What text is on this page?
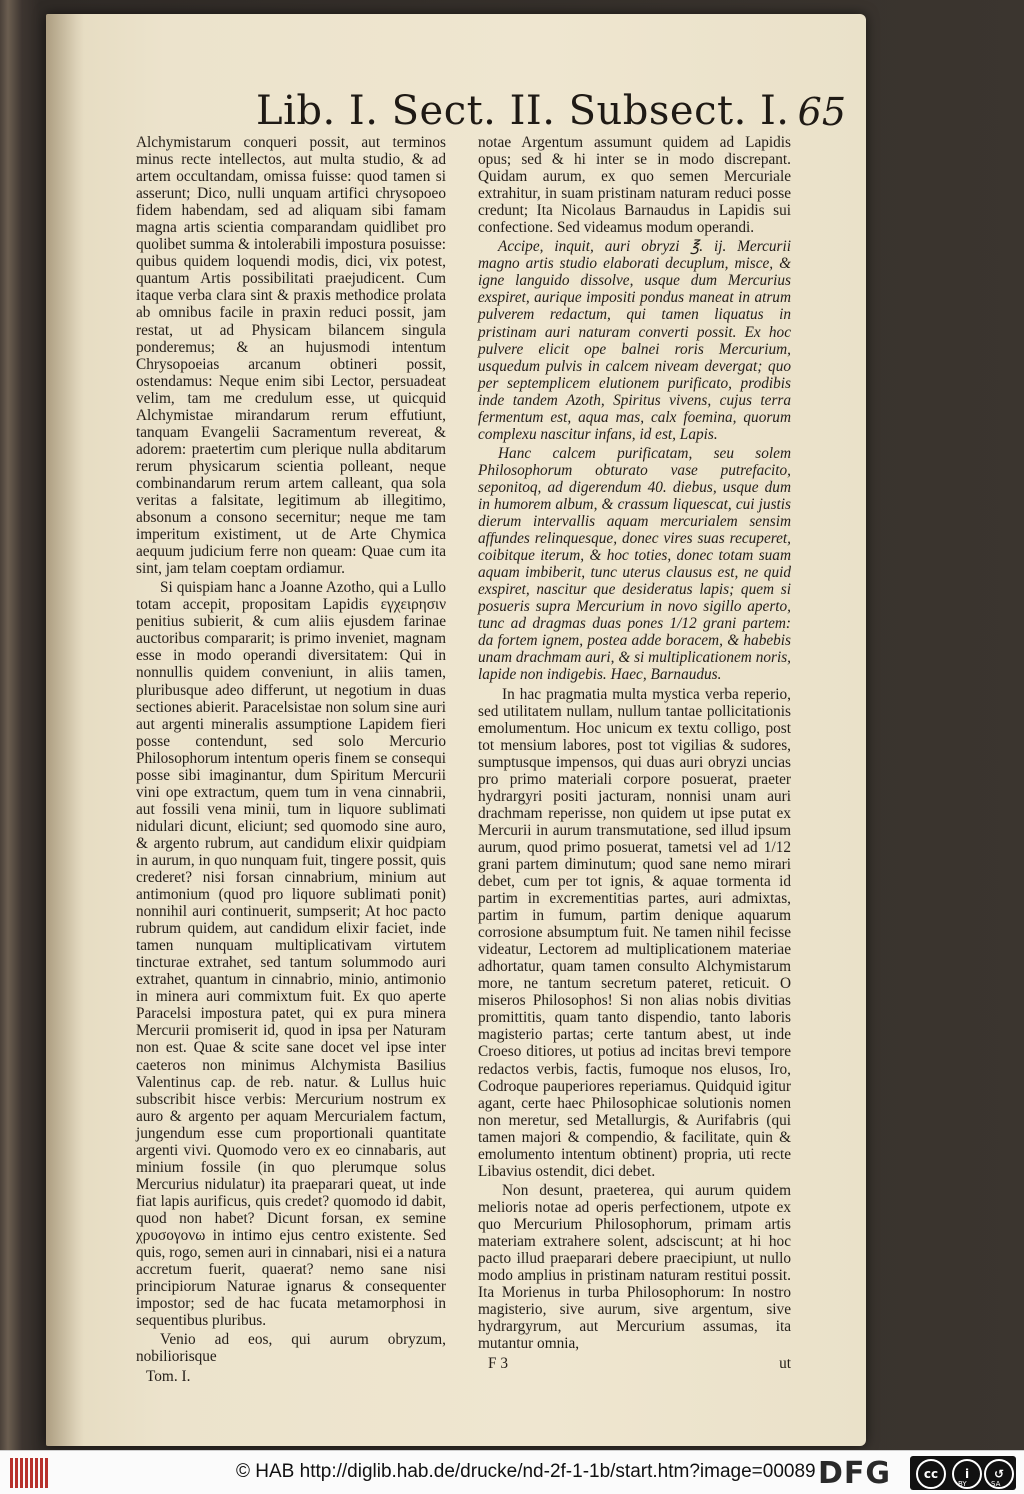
Lib. I. Sect. II. Subsect. I. 65

Alchymistarum conqueri possit, aut terminos minus recte intellectos, aut multa studio, & ad artem occultandam, omissa fuisse: quod tamen si asserunt; Dico, nulli unquam artifici chrysopoeo fidem habendam, sed ad aliquam sibi famam magna artis scientia comparandam quidlibet pro quolibet summa & intolerabili impostura posuisse: quibus quidem loquendi modis, dici, vix potest, quantum Artis possibilitati praejudicent. Cum itaque verba clara sint & praxis methodice prolata ab omnibus facile in praxin reduci possit, jam restat, ut ad Physicam bilancem singula ponderemus; & an hujusmodi intentum Chrysopoeias arcanum obtineri possit, ostendamus: Neque enim sibi Lector, persuadeat velim, tam me credulum esse, ut quicquid Alchymistae mirandarum rerum effutiunt, tanquam Evangelii Sacramentum revereat, & adorem: praetertim cum plerique nulla abditarum rerum physicarum scientia polleant, neque combinandarum rerum artem calleant, qua sola veritas a falsitate, legitimum ab illegitimo, absonum a consono secernitur; neque me tam imperitum existiment, ut de Arte Chymica aequum judicium ferre non queam: Quae cum ita sint, jam telam coeptam ordiamur.

Si quispiam hanc a Joanne Azotho, qui a Lullo totam accepit, propositam Lapidis εγχειρησιν penitius subierit, & cum aliis ejusdem farinae auctoribus compararit; is primo inveniet, magnam esse in modo operandi diversitatem: Qui in nonnullis quidem conveniunt, in aliis tamen, pluribusque adeo differunt, ut negotium in duas sectiones abierit. Paracelsistae non solum sine auri aut argenti mineralis assumptione Lapidem fieri posse contendunt, sed solo Mercurio Philosophorum intentum operis finem se consequi posse sibi imaginantur, dum Spiritum Mercurii vini ope extractum, quem tum in vena cinnabrii, aut fossili vena minii, tum in liquore sublimati nidulari dicunt, eliciunt; sed quomodo sine auro, & argento rubrum, aut candidum elixir quidpiam in aurum, in quo nunquam fuit, tingere possit, quis crederet? nisi forsan cinnabrium, minium aut antimonium (quod pro liquore sublimati ponit) nonnihil auri continuerit, sumpserit; At hoc pacto rubrum quidem, aut candidum elixir faciet, inde tamen nunquam multiplicativam virtutem tincturae extrahet, sed tantum solummodo auri extrahet, quantum in cinnabrio, minio, antimonio in minera auri commixtum fuit. Ex quo aperte Paracelsi impostura patet, qui ex pura minera Mercurii promiserit id, quod in ipsa per Naturam non est. Quae & scite sane docet vel ipse inter caeteros non minimus Alchymista Basilius Valentinus cap. de reb. natur. & Lullus huic subscribit hisce verbis: Mercurium nostrum ex auro & argento per aquam Mercurialem factum, jungendum esse cum proportionali quantitate argenti vivi. Quomodo vero ex eo cinnabaris, aut minium fossile (in quo plerumque solus Mercurius nidulatur) ita praeparari queat, ut inde fiat lapis aurificus, quis credet? quomodo id dabit, quod non habet? Dicunt forsan, ex semine χρυσογονω in intimo ejus centro existente. Sed quis, rogo, semen auri in cinnabari, nisi ei a natura accretum fuerit, quaerat? nemo sane nisi principiorum Naturae ignarus & consequenter impostor; sed de hac fucata metamorphosi in sequentibus pluribus.

Venio ad eos, qui aurum obryzum, nobiliorisque

Tom. I.

notae Argentum assumunt quidem ad Lapidis opus; sed & hi inter se in modo discrepant. Quidam aurum, ex quo semen Mercuriale extrahitur, in suam pristinam naturam reduci posse credunt; Ita Nicolaus Barnaudus in Lapidis sui confectione. Sed videamus modum operandi.

Accipe, inquit, auri obryzi ℥. ij. Mercurii magno artis studio elaborati decuplum, misce, & igne languido dissolve, usque dum Mercurius exspiret, aurique impositi pondus maneat in atrum pulverem redactum, qui tamen liquatus in pristinam auri naturam converti possit. Ex hoc pulvere elicit ope balnei roris Mercurium, usquedum pulvis in calcem niveam devergat; quo per septemplicem elutionem purificato, prodibis inde tandem Azoth, Spiritus vivens, cujus terra fermentum est, aqua mas, calx foemina, quorum complexu nascitur infans, id est, Lapis.

Hanc calcem purificatam, seu solem Philosophorum obturato vase putrefacito, seponitoq, ad digerendum 40. diebus, usque dum in humorem album, & crassum liquescat, cui justis dierum intervallis aquam mercurialem sensim affundes relinquesque, donec vires suas recuperet, coibitque iterum, & hoc toties, donec totam suam aquam imbiberit, tunc uterus clausus est, ne quid exspiret, nascitur que desideratus lapis; quem si posueris supra Mercurium in novo sigillo aperto, tunc ad dragmas duas pones 1/12 grani partem: da fortem ignem, postea adde boracem, & habebis unam drachmam auri, & si multiplicationem noris, lapide non indigebis. Haec, Barnaudus.

In hac pragmatia multa mystica verba reperio, sed utilitatem nullam, nullum tantae pollicitationis emolumentum. Hoc unicum ex textu colligo, post tot mensium labores, post tot vigilias & sudores, sumptusque impensos, qui duas auri obryzi uncias pro primo materiali corpore posuerat, praeter hydrargyri positi jacturam, nonnisi unam auri drachmam reperisse, non quidem ut ipse putat ex Mercurii in aurum transmutatione, sed illud ipsum aurum, quod primo posuerat, tametsi vel ad 1/12 grani partem diminutum; quod sane nemo mirari debet, cum per tot ignis, & aquae tormenta id partim in excrementitias partes, auri admixtas, partim in fumum, partim denique aquarum corrosione absumptum fuit. Ne tamen nihil fecisse videatur, Lectorem ad multiplicationem materiae adhortatur, quam tamen consulto Alchymistarum more, ne tantum secretum pateret, reticuit. O miseros Philosophos! Si non alias nobis divitias promittitis, quam tanto dispendio, tanto laboris magisterio partas; certe tantum abest, ut inde Croeso ditiores, ut potius ad incitas brevi tempore redactos verbis, factis, fumoque nos elusos, Iro, Codroque pauperiores reperiamus. Quidquid igitur agant, certe haec Philosophicae solutionis nomen non meretur, sed Metallurgis, & Aurifabris (qui tamen majori & compendio, & facilitate, quin & emolumento intentum obtinent) propria, uti recte Libavius ostendit, dici debet.

Non desunt, praeterea, qui aurum quidem melioris notae ad operis perfectionem, utpote ex quo Mercurium Philosophorum, primam artis materiam extrahere solent, adsciscunt; at hi hoc pacto illud praeparari debere praecipiunt, ut nullo modo amplius in pristinam naturam restitui possit. Ita Morienus in turba Philosophorum: In nostro magisterio, sive aurum, sive argentum, sive hydrargyrum, aut Mercurium assumas, ita mutantur omnia,

F 3	ut
© HAB http://diglib.hab.de/drucke/nd-2f-1-1b/start.htm?image=00089 DFG	cc	i	↺
BY	SA
